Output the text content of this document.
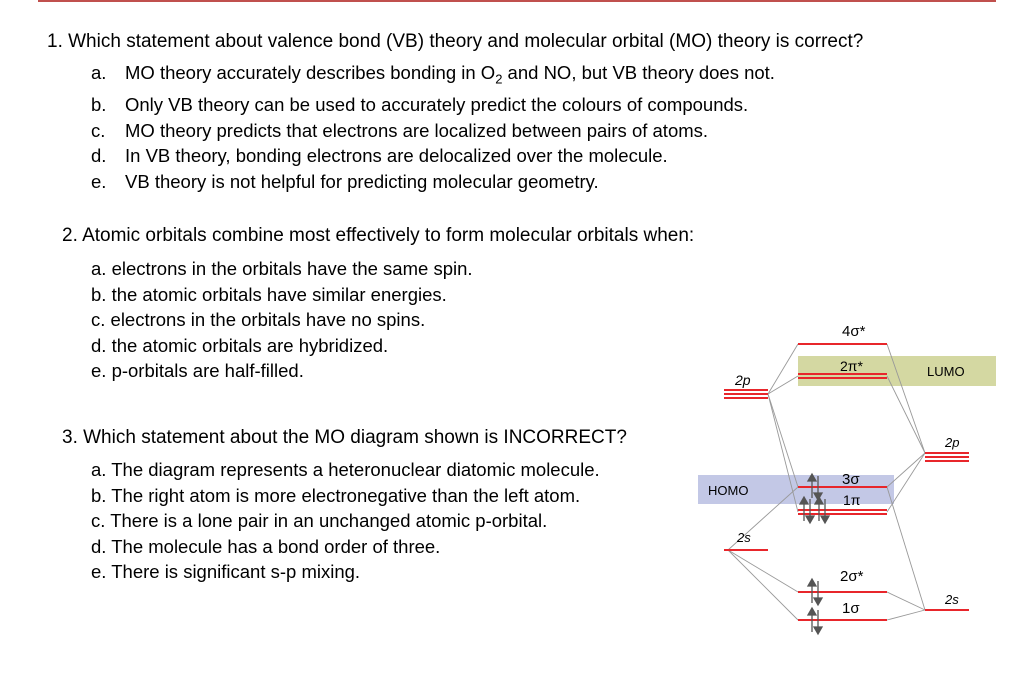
1. Which statement about valence bond (VB) theory and molecular orbital (MO) theory is correct?
a. MO theory accurately describes bonding in $O_2$ and NO, but VB theory does not.
b. Only VB theory can be used to accurately predict the colours of compounds.
c. MO theory predicts that electrons are localized between pairs of atoms.
d. In VB theory, bonding electrons are delocalized over the molecule.
e. VB theory is not helpful for predicting molecular geometry.
2. Atomic orbitals combine most effectively to form molecular orbitals when:
a. electrons in the orbitals have the same spin.
b. the atomic orbitals have similar energies.
c. electrons in the orbitals have no spins.
d. the atomic orbitals are hybridized.
e. p-orbitals are half-filled.
3. Which statement about the MO diagram shown is INCORRECT?
a. The diagram represents a heteronuclear diatomic molecule.
b. The right atom is more electronegative than the left atom.
c. There is a lone pair in an unchanged atomic p-orbital.
d. The molecule has a bond order of three.
e. There is significant s-p mixing.
2p
2s
2p
2s
4σ*
2π*
3σ
1π
2σ*
1σ
LUMO
HOMO
